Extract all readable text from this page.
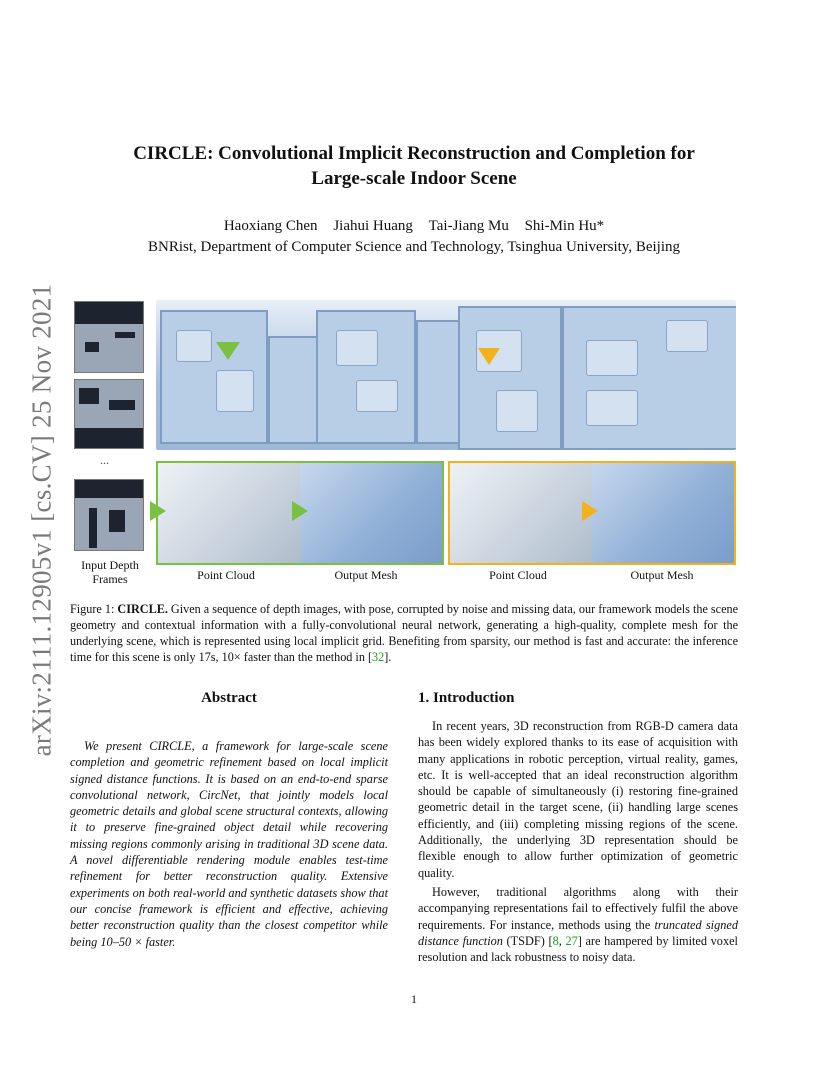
arXiv:2111.12905v1 [cs.CV] 25 Nov 2021
CIRCLE: Convolutional Implicit Reconstruction and Completion for
Large-scale Indoor Scene
Haoxiang Chen Jiahui Huang Tai-Jiang Mu Shi-Min Hu*
BNRist, Department of Computer Science and Technology, Tsinghua University, Beijing
...
Input Depth Frames	Point Cloud	Output Mesh	Point Cloud	Output Mesh
Figure 1: CIRCLE. Given a sequence of depth images, with pose, corrupted by noise and missing data, our framework models the scene geometry and contextual information with a fully-convolutional neural network, generating a high-quality, complete mesh for the underlying scene, which is represented using local implicit grid. Benefiting from sparsity, our method is fast and accurate: the inference time for this scene is only 17s, 10× faster than the method in [32].
Abstract

We present CIRCLE, a framework for large-scale scene completion and geometric refinement based on local implicit signed distance functions. It is based on an end-to-end sparse convolutional network, CircNet, that jointly models local geometric details and global scene structural contexts, allowing it to preserve fine-grained object detail while recovering missing regions commonly arising in traditional 3D scene data. A novel differentiable rendering module enables test-time refinement for better reconstruction quality. Extensive experiments on both real-world and synthetic datasets show that our concise framework is efficient and effective, achieving better reconstruction quality than the closest competitor while being 10–50 × faster.

1. Introduction

In recent years, 3D reconstruction from RGB-D camera data has been widely explored thanks to its ease of acquisition with many applications in robotic perception, virtual reality, games, etc. It is well-accepted that an ideal reconstruction algorithm should be capable of simultaneously (i) restoring fine-grained geometric detail in the target scene, (ii) handling large scenes efficiently, and (iii) completing missing regions of the scene. Additionally, the underlying 3D representation should be flexible enough to allow further optimization of geometric quality.

However, traditional algorithms along with their accompanying representations fail to effectively fulfil the above requirements. For instance, methods using the truncated signed distance function (TSDF) [8, 27] are hampered by limited voxel resolution and lack robustness to noisy data.

1
